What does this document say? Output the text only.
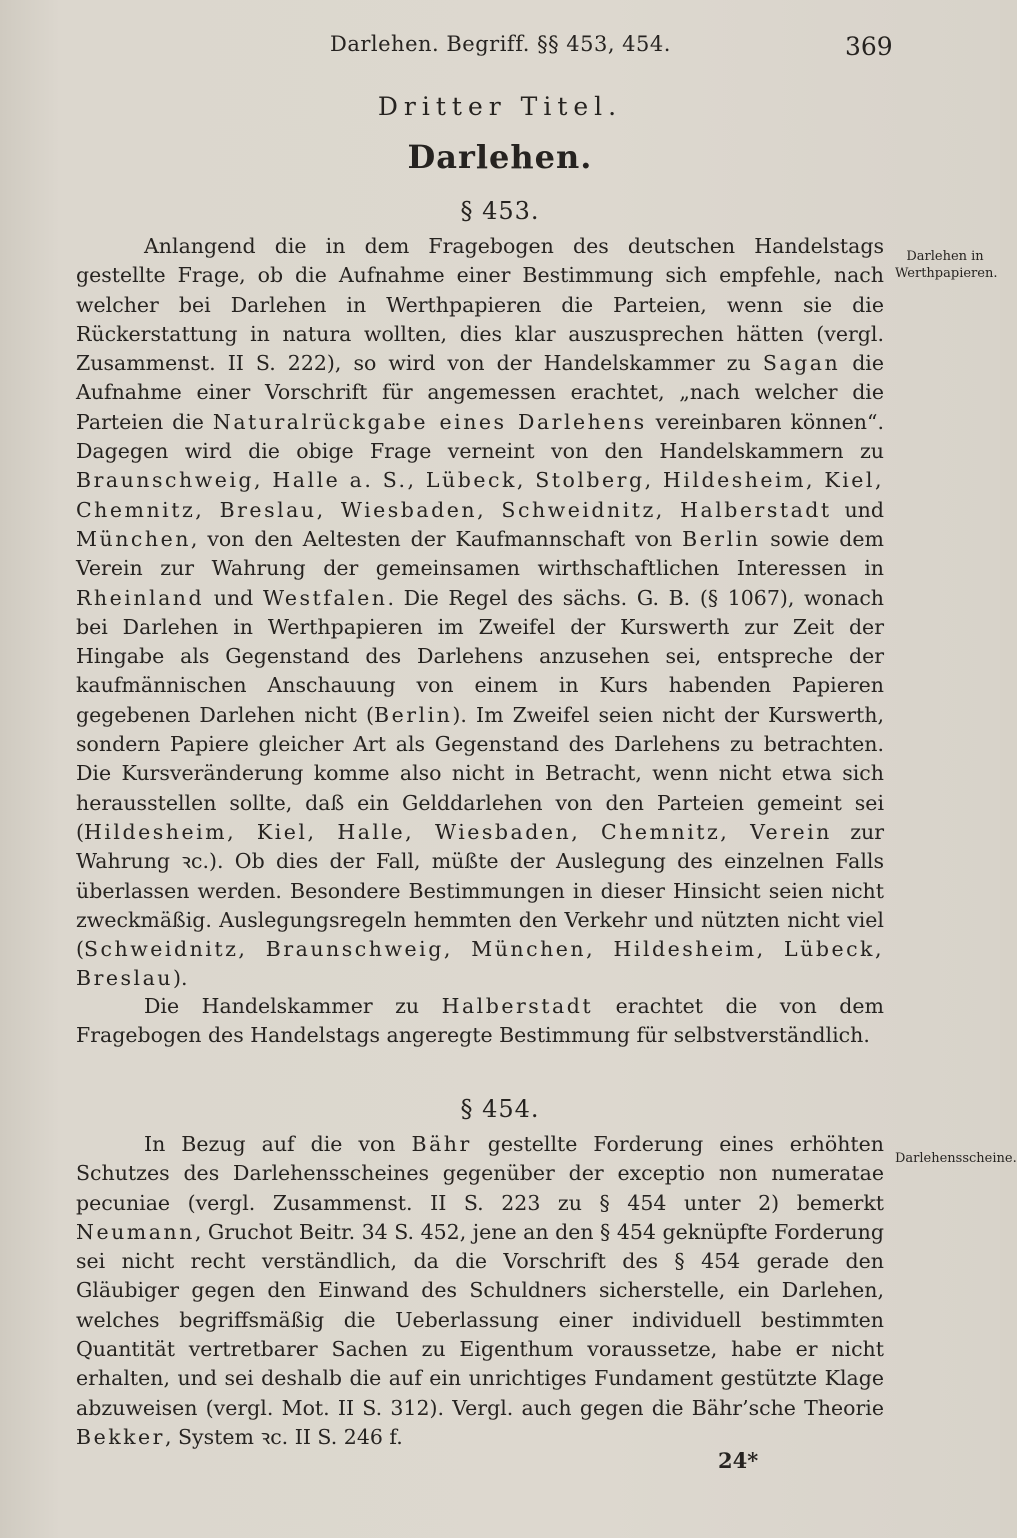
Darlehen. Begriff. §§ 453, 454.	369
Dritter Titel.
Darlehen.
§ 453.
Darlehen in Werthpapieren.

Anlangend die in dem Fragebogen des deutschen Handelstags gestellte Frage, ob die Aufnahme einer Bestimmung sich empfehle, nach welcher bei Darlehen in Werthpapieren die Parteien, wenn sie die Rückerstattung in natura wollten, dies klar auszusprechen hätten (vergl. Zusammenst. II S. 222), so wird von der Handelskammer zu Sagan die Aufnahme einer Vorschrift für angemessen erachtet, „nach welcher die Parteien die Naturalrückgabe eines Darlehens vereinbaren können“. Dagegen wird die obige Frage verneint von den Handelskammern zu Braunschweig, Halle a. S., Lübeck, Stolberg, Hildesheim, Kiel, Chemnitz, Breslau, Wiesbaden, Schweidnitz, Halberstadt und München, von den Aeltesten der Kaufmannschaft von Berlin sowie dem Verein zur Wahrung der gemeinsamen wirthschaftlichen Interessen in Rheinland und Westfalen. Die Regel des sächs. G. B. (§ 1067), wonach bei Darlehen in Werthpapieren im Zweifel der Kurswerth zur Zeit der Hingabe als Gegenstand des Darlehens anzusehen sei, entspreche der kaufmännischen Anschauung von einem in Kurs habenden Papieren gegebenen Darlehen nicht (Berlin). Im Zweifel seien nicht der Kurswerth, sondern Papiere gleicher Art als Gegenstand des Darlehens zu betrachten. Die Kursveränderung komme also nicht in Betracht, wenn nicht etwa sich herausstellen sollte, daß ein Gelddarlehen von den Parteien gemeint sei (Hildesheim, Kiel, Halle, Wiesbaden, Chemnitz, Verein zur Wahrung ꝛc.). Ob dies der Fall, müßte der Auslegung des einzelnen Falls überlassen werden. Besondere Bestimmungen in dieser Hinsicht seien nicht zweckmäßig. Auslegungsregeln hemmten den Verkehr und nützten nicht viel (Schweidnitz, Braunschweig, München, Hildesheim, Lübeck, Breslau).

Die Handelskammer zu Halberstadt erachtet die von dem Fragebogen des Handelstags angeregte Bestimmung für selbstverständlich.

§ 454.
Darlehensscheine.

In Bezug auf die von Bähr gestellte Forderung eines erhöhten Schutzes des Darlehensscheines gegenüber der exceptio non numeratae pecuniae (vergl. Zusammenst. II S. 223 zu § 454 unter 2) bemerkt Neumann, Gruchot Beitr. 34 S. 452, jene an den § 454 geknüpfte Forderung sei nicht recht verständlich, da die Vorschrift des § 454 gerade den Gläubiger gegen den Einwand des Schuldners sicherstelle, ein Darlehen, welches begriffsmäßig die Ueberlassung einer individuell bestimmten Quantität vertretbarer Sachen zu Eigenthum voraussetze, habe er nicht erhalten, und sei deshalb die auf ein unrichtiges Fundament gestützte Klage abzuweisen (vergl. Mot. II S. 312). Vergl. auch gegen die Bähr’sche Theorie Bekker, System ꝛc. II S. 246 f.

24*
